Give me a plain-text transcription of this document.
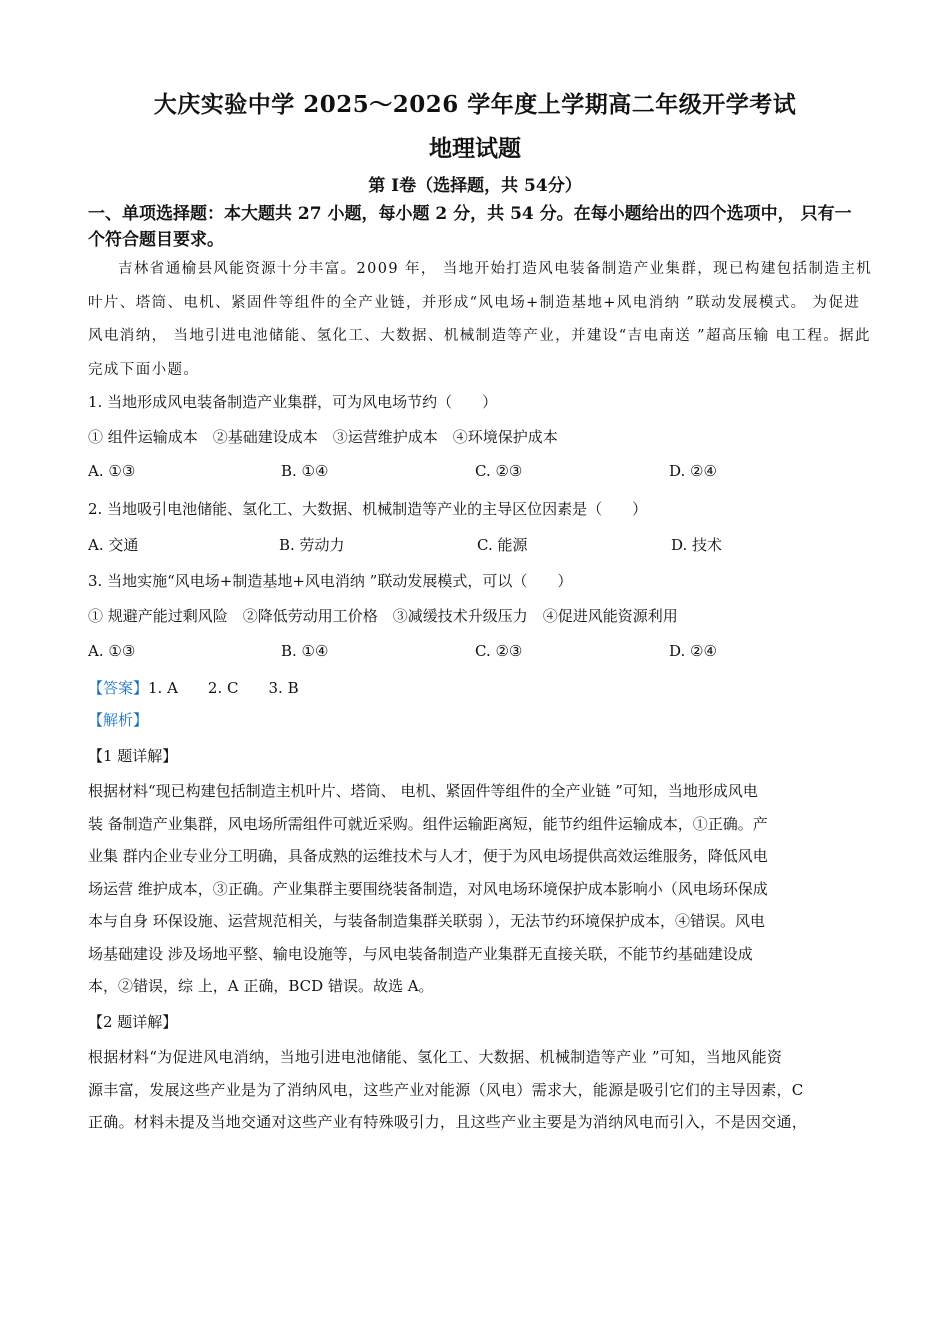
大庆实验中学 2025～2026 学年度上学期高二年级开学考试
地理试题
第 Ⅰ卷（选择题，共 54分）
一、单项选择题：本大题共 27 小题，每小题 2 分，共 54 分。在每小题给出的四个选项中， 只有一个符合题目要求。
吉林省通榆县风能资源十分丰富。2009 年， 当地开始打造风电装备制造产业集群，现已构建包括制造主机叶片、塔筒、电机、紧固件等组件的全产业链，并形成“风电场+制造基地+风电消纳 ”联动发展模式。 为促进风电消纳， 当地引进电池储能、氢化工、大数据、机械制造等产业，并建设“吉电南送 ”超高压输 电工程。据此完成下面小题。
1. 当地形成风电装备制造产业集群，可为风电场节约（　　）
① 组件运输成本　②基础建设成本　③运营维护成本　④环境保护成本
A. ①③	B. ①④	C. ②③	D. ②④
2. 当地吸引电池储能、氢化工、大数据、机械制造等产业的主导区位因素是（　　）
A. 交通	B. 劳动力	C. 能源	D. 技术
3. 当地实施“风电场+制造基地+风电消纳 ”联动发展模式，可以（　　）
① 规避产能过剩风险　②降低劳动用工价格　③减缓技术升级压力　④促进风能资源利用
A. ①③	B. ①④	C. ②③	D. ②④
【答案】1. A　　2. C　　3. B
【解析】
【1 题详解】
根据材料“现已构建包括制造主机叶片、塔筒、 电机、紧固件等组件的全产业链 ”可知，当地形成风电
装 备制造产业集群，风电场所需组件可就近采购。组件运输距离短，能节约组件运输成本，①正确。产
业集 群内企业专业分工明确，具备成熟的运维技术与人才，便于为风电场提供高效运维服务，降低风电
场运营 维护成本，③正确。产业集群主要围绕装备制造，对风电场环境保护成本影响小（风电场环保成
本与自身 环保设施、运营规范相关，与装备制造集群关联弱 ），无法节约环境保护成本，④错误。风电
场基础建设 涉及场地平整、输电设施等，与风电装备制造产业集群无直接关联，不能节约基础建设成
本，②错误，综 上，A 正确，BCD 错误。故选 A。
【2 题详解】
根据材料“为促进风电消纳，当地引进电池储能、氢化工、大数据、机械制造等产业 ”可知，当地风能资
源丰富，发展这些产业是为了消纳风电，这些产业对能源（风电）需求大，能源是吸引它们的主导因素，C
正确。材料未提及当地交通对这些产业有特殊吸引力，且这些产业主要是为消纳风电而引入，不是因交通，
